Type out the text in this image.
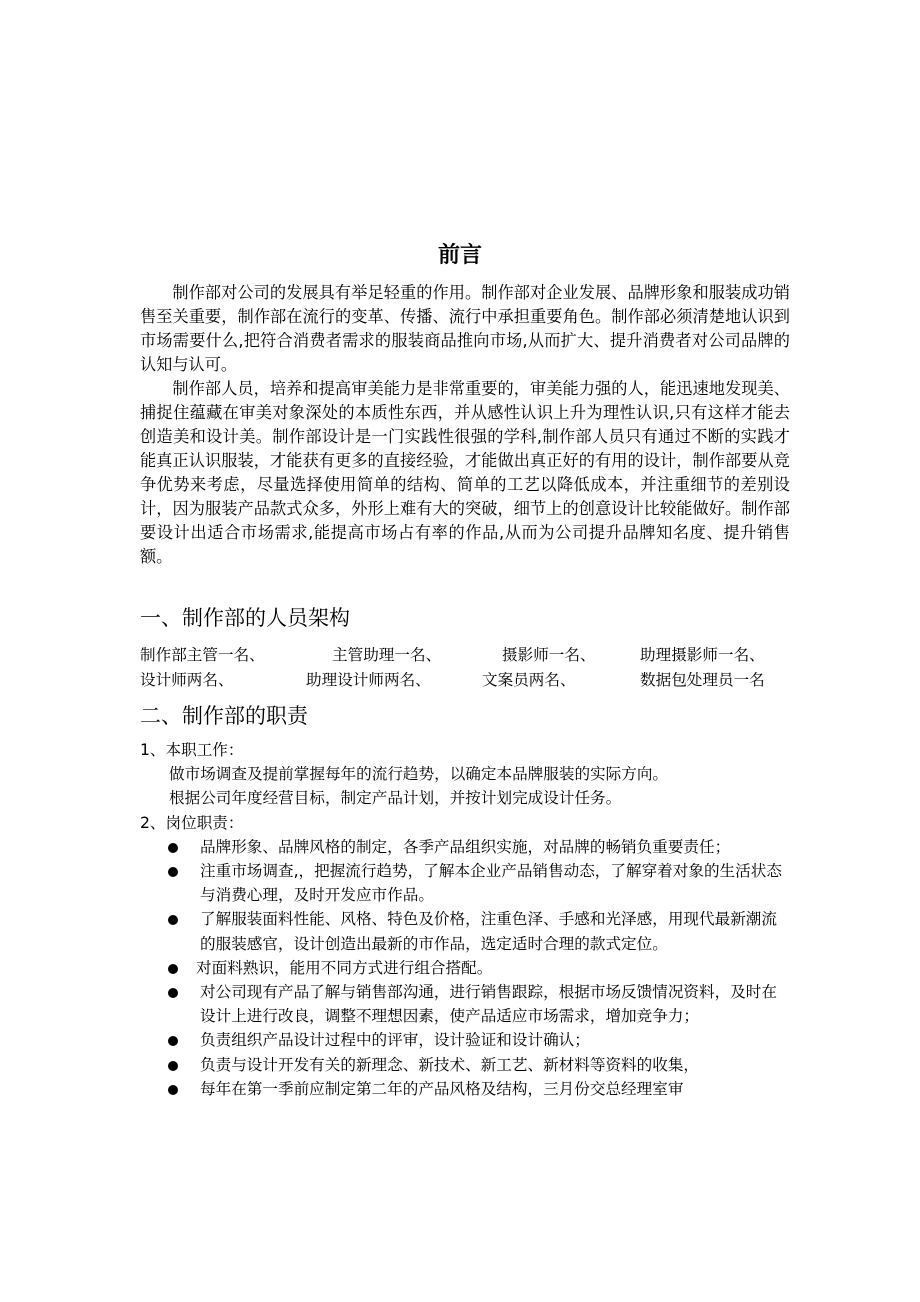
前言

制作部对公司的发展具有举足轻重的作用。制作部对企业发展、品牌形象和服装成功销售至关重要，制作部在流行的变革、传播、流行中承担重要角色。制作部必须清楚地认识到市场需要什么,把符合消费者需求的服装商品推向市场,从而扩大、提升消费者对公司品牌的认知与认可。

制作部人员，培养和提高审美能力是非常重要的，审美能力强的人，能迅速地发现美、捕捉住蕴藏在审美对象深处的本质性东西，并从感性认识上升为理性认识,只有这样才能去创造美和设计美。制作部设计是一门实践性很强的学科,制作部人员只有通过不断的实践才能真正认识服装，才能获有更多的直接经验，才能做出真正好的有用的设计，制作部要从竞争优势来考虑，尽量选择使用简单的结构、简单的工艺以降低成本，并注重细节的差别设计，因为服装产品款式众多，外形上难有大的突破，细节上的创意设计比较能做好。制作部要设计出适合市场需求,能提高市场占有率的作品,从而为公司提升品牌知名度、提升销售额。

一、制作部的人员架构
制作部主管一名、	主管助理一名、	摄影师一名、	助理摄影师一名、
设计师两名、	助理设计师两名、	文案员两名、	数据包处理员一名
二、制作部的职责

1、本职工作：

做市场调查及提前掌握每年的流行趋势，以确定本品牌服装的实际方向。

根据公司年度经营目标，制定产品计划，并按计划完成设计任务。

2、岗位职责：

品牌形象、品牌风格的制定，各季产品组织实施，对品牌的畅销负重要责任；
注重市场调查,，把握流行趋势，了解本企业产品销售动态，了解穿着对象的生活状态与消费心理，及时开发应市作品。
了解服装面料性能、风格、特色及价格，注重色泽、手感和光泽感，用现代最新潮流的服装感官，设计创造出最新的市作品，选定适时合理的款式定位。
对面料熟识，能用不同方式进行组合搭配。
对公司现有产品了解与销售部沟通，进行销售跟踪，根据市场反馈情况资料，及时在设计上进行改良，调整不理想因素，使产品适应市场需求，增加竞争力；
负责组织产品设计过程中的评审，设计验证和设计确认；
负责与设计开发有关的新理念、新技术、新工艺、新材料等资料的收集，
每年在第一季前应制定第二年的产品风格及结构，三月份交总经理室审
